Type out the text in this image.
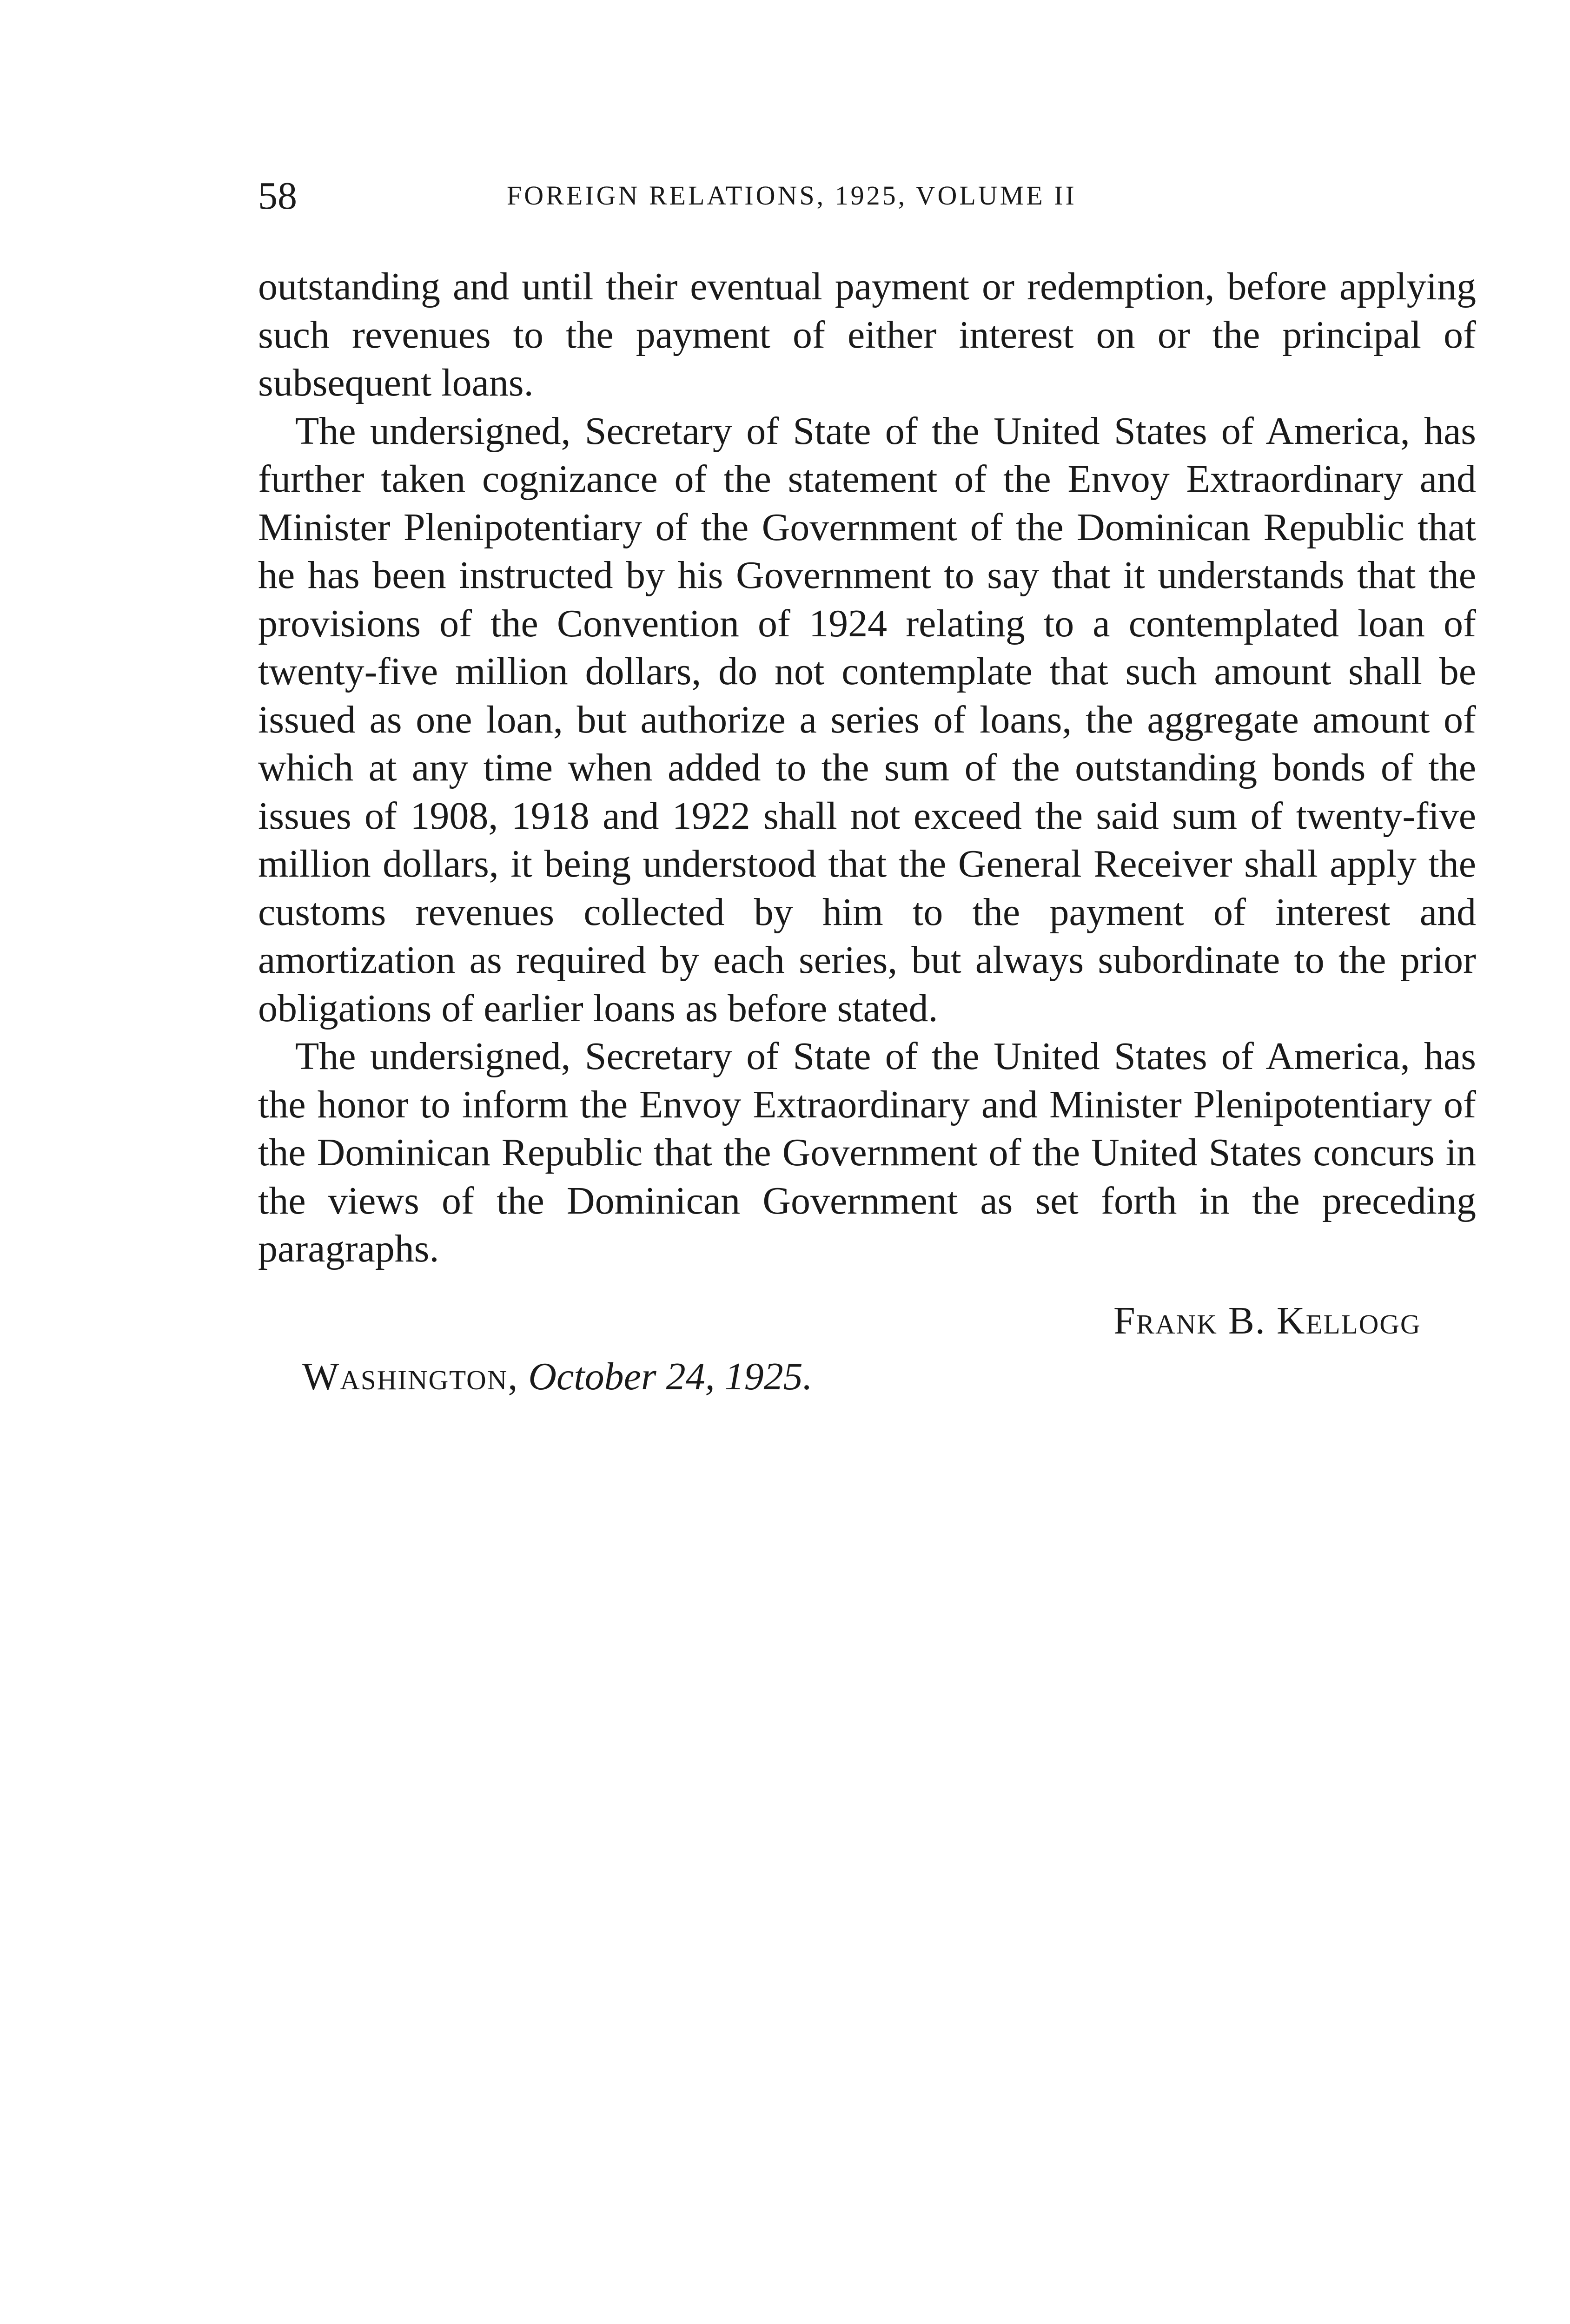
58	FOREIGN RELATIONS, 1925, VOLUME II

outstanding and until their eventual payment or redemption, before applying such revenues to the payment of either interest on or the principal of subsequent loans.

The undersigned, Secretary of State of the United States of America, has further taken cognizance of the statement of the Envoy Extraordinary and Minister Plenipotentiary of the Government of the Dominican Republic that he has been instructed by his Government to say that it understands that the provisions of the Convention of 1924 relating to a contemplated loan of twenty-five million dollars, do not contemplate that such amount shall be issued as one loan, but authorize a series of loans, the aggregate amount of which at any time when added to the sum of the outstanding bonds of the issues of 1908, 1918 and 1922 shall not exceed the said sum of twenty-five million dollars, it being understood that the General Receiver shall apply the customs revenues collected by him to the payment of interest and amortization as required by each series, but always subordinate to the prior obligations of earlier loans as before stated.

The undersigned, Secretary of State of the United States of America, has the honor to inform the Envoy Extraordinary and Minister Plenipotentiary of the Dominican Republic that the Government of the United States concurs in the views of the Dominican Government as set forth in the preceding paragraphs.

Frank B. Kellogg
Washington, October 24, 1925.
